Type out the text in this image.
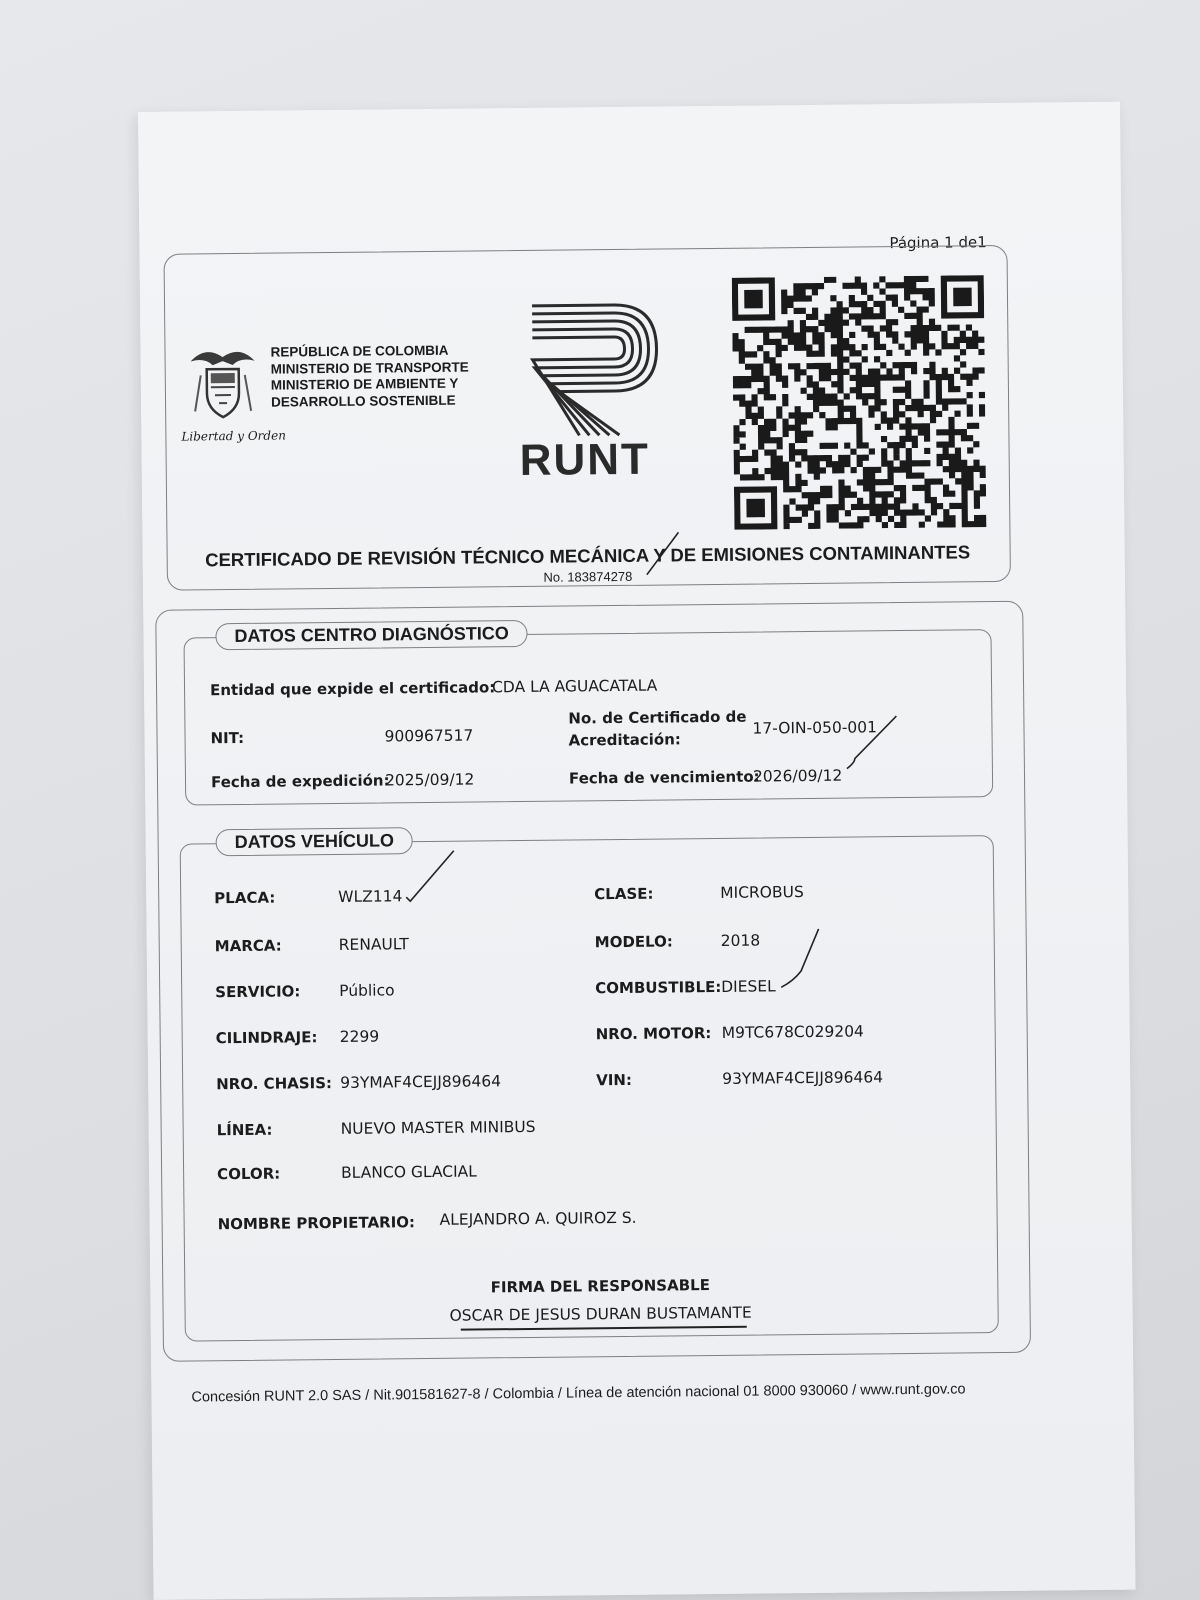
Página 1 de1
REPÚBLICA DE COLOMBIA
MINISTERIO DE TRANSPORTE
MINISTERIO DE AMBIENTE Y
DESARROLLO SOSTENIBLE
Libertad y Orden	RUNT
CERTIFICADO DE REVISIÓN TÉCNICO MECÁNICA Y DE EMISIONES CONTAMINANTES
No. 183874278
DATOS CENTRO DIAGNÓSTICO
Entidad que expide el certificado:
CDA LA AGUACATALA
NIT:	900967517
No. de Certificado de
Acreditación:
17-OIN-050-001
Fecha de expedición:
2025/09/12	Fecha de vencimiento:
2026/09/12
DATOS VEHÍCULO
PLACA:	WLZ114	CLASE:	MICROBUS
MARCA:	RENAULT	MODELO:	2018
SERVICIO: Público	COMBUSTIBLE: DIESEL
CILINDRAJE: 2299	NRO. MOTOR: M9TC678C029204
NRO. CHASIS: 93YMAF4CEJJ896464	VIN:	93YMAF4CEJJ896464
LÍNEA:	NUEVO MASTER MINIBUS
COLOR:	BLANCO GLACIAL
NOMBRE PROPIETARIO: ALEJANDRO A. QUIROZ S.
FIRMA DEL RESPONSABLE
OSCAR DE JESUS DURAN BUSTAMANTE
Concesión RUNT 2.0 SAS / Nit.901581627-8 / Colombia / Línea de atención nacional 01 8000 930060 / www.runt.gov.co
